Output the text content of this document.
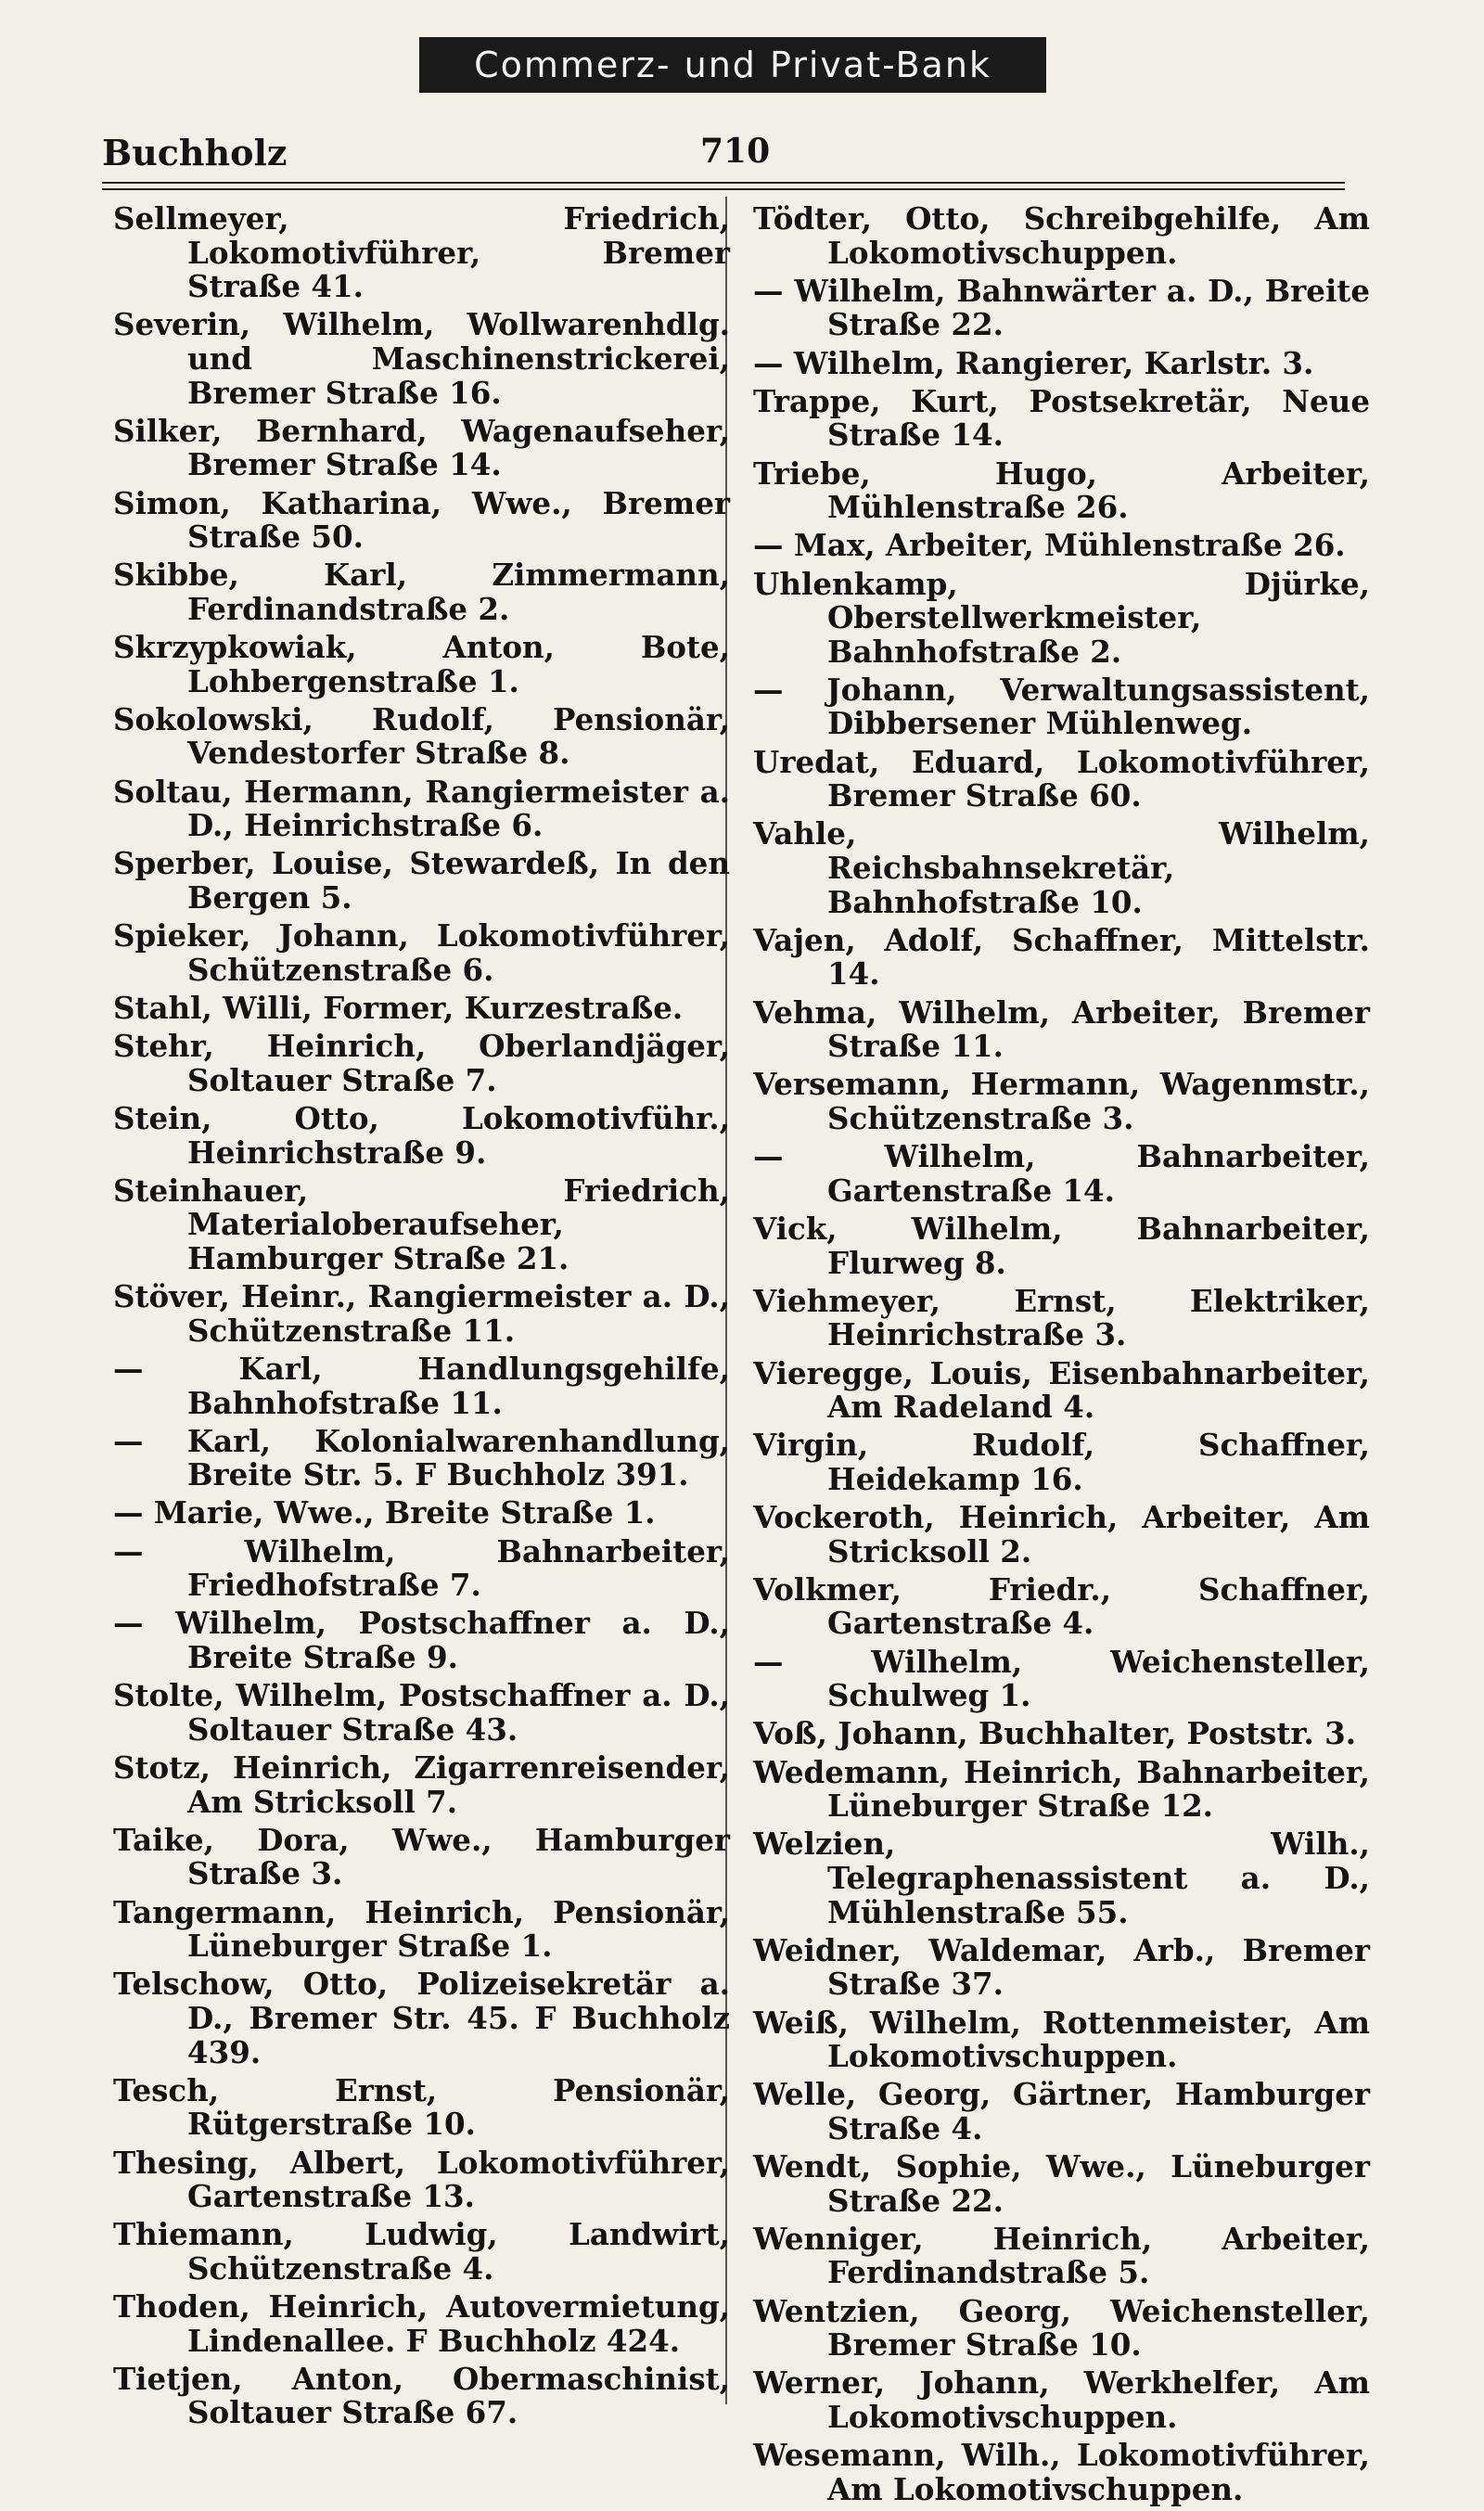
Commerz- und Privat-Bank
Buchholz	710

Sellmeyer, Friedrich, Lokomotivführer, Bremer Straße 41.

Severin, Wilhelm, Wollwarenhdlg. und Maschinenstrickerei, Bremer Straße 16.

Silker, Bernhard, Wagenaufseher, Bremer Straße 14.

Simon, Katharina, Wwe., Bremer Straße 50.

Skibbe, Karl, Zimmermann, Ferdinandstraße 2.

Skrzypkowiak, Anton, Bote, Lohbergenstraße 1.

Sokolowski, Rudolf, Pensionär, Vendestorfer Straße 8.

Soltau, Hermann, Rangiermeister a. D., Heinrichstraße 6.

Sperber, Louise, Stewardeß, In den Bergen 5.

Spieker, Johann, Lokomotivführer, Schützenstraße 6.

Stahl, Willi, Former, Kurzestraße.

Stehr, Heinrich, Oberlandjäger, Soltauer Straße 7.

Stein, Otto, Lokomotivführ., Heinrichstraße 9.

Steinhauer, Friedrich, Materialoberaufseher, Hamburger Straße 21.

Stöver, Heinr., Rangiermeister a. D., Schützenstraße 11.

— Karl, Handlungsgehilfe, Bahnhofstraße 11.

— Karl, Kolonialwarenhandlung, Breite Str. 5. F Buchholz 391.

— Marie, Wwe., Breite Straße 1.

— Wilhelm, Bahnarbeiter, Friedhofstraße 7.

— Wilhelm, Postschaffner a. D., Breite Straße 9.

Stolte, Wilhelm, Postschaffner a. D., Soltauer Straße 43.

Stotz, Heinrich, Zigarrenreisender, Am Stricksoll 7.

Taike, Dora, Wwe., Hamburger Straße 3.

Tangermann, Heinrich, Pensionär, Lüneburger Straße 1.

Telschow, Otto, Polizeisekretär a. D., Bremer Str. 45. F Buchholz 439.

Tesch, Ernst, Pensionär, Rütgerstraße 10.

Thesing, Albert, Lokomotivführer, Gartenstraße 13.

Thiemann, Ludwig, Landwirt, Schützenstraße 4.

Thoden, Heinrich, Autovermietung, Lindenallee. F Buchholz 424.

Tietjen, Anton, Obermaschinist, Soltauer Straße 67.

Tödter, Otto, Schreibgehilfe, Am Lokomotivschuppen.

— Wilhelm, Bahnwärter a. D., Breite Straße 22.

— Wilhelm, Rangierer, Karlstr. 3.

Trappe, Kurt, Postsekretär, Neue Straße 14.

Triebe, Hugo, Arbeiter, Mühlenstraße 26.

— Max, Arbeiter, Mühlenstraße 26.

Uhlenkamp, Djürke, Oberstellwerkmeister, Bahnhofstraße 2.

— Johann, Verwaltungsassistent, Dibbersener Mühlenweg.

Uredat, Eduard, Lokomotivführer, Bremer Straße 60.

Vahle, Wilhelm, Reichsbahnsekretär, Bahnhofstraße 10.

Vajen, Adolf, Schaffner, Mittelstr. 14.

Vehma, Wilhelm, Arbeiter, Bremer Straße 11.

Versemann, Hermann, Wagenmstr., Schützenstraße 3.

— Wilhelm, Bahnarbeiter, Gartenstraße 14.

Vick, Wilhelm, Bahnarbeiter, Flurweg 8.

Viehmeyer, Ernst, Elektriker, Heinrichstraße 3.

Vieregge, Louis, Eisenbahnarbeiter, Am Radeland 4.

Virgin, Rudolf, Schaffner, Heidekamp 16.

Vockeroth, Heinrich, Arbeiter, Am Stricksoll 2.

Volkmer, Friedr., Schaffner, Gartenstraße 4.

— Wilhelm, Weichensteller, Schulweg 1.

Voß, Johann, Buchhalter, Poststr. 3.

Wedemann, Heinrich, Bahnarbeiter, Lüneburger Straße 12.

Welzien, Wilh., Telegraphenassistent a. D., Mühlenstraße 55.

Weidner, Waldemar, Arb., Bremer Straße 37.

Weiß, Wilhelm, Rottenmeister, Am Lokomotivschuppen.

Welle, Georg, Gärtner, Hamburger Straße 4.

Wendt, Sophie, Wwe., Lüneburger Straße 22.

Wenniger, Heinrich, Arbeiter, Ferdinandstraße 5.

Wentzien, Georg, Weichensteller, Bremer Straße 10.

Werner, Johann, Werkhelfer, Am Lokomotivschuppen.

Wesemann, Wilh., Lokomotivführer, Am Lokomotivschuppen.
